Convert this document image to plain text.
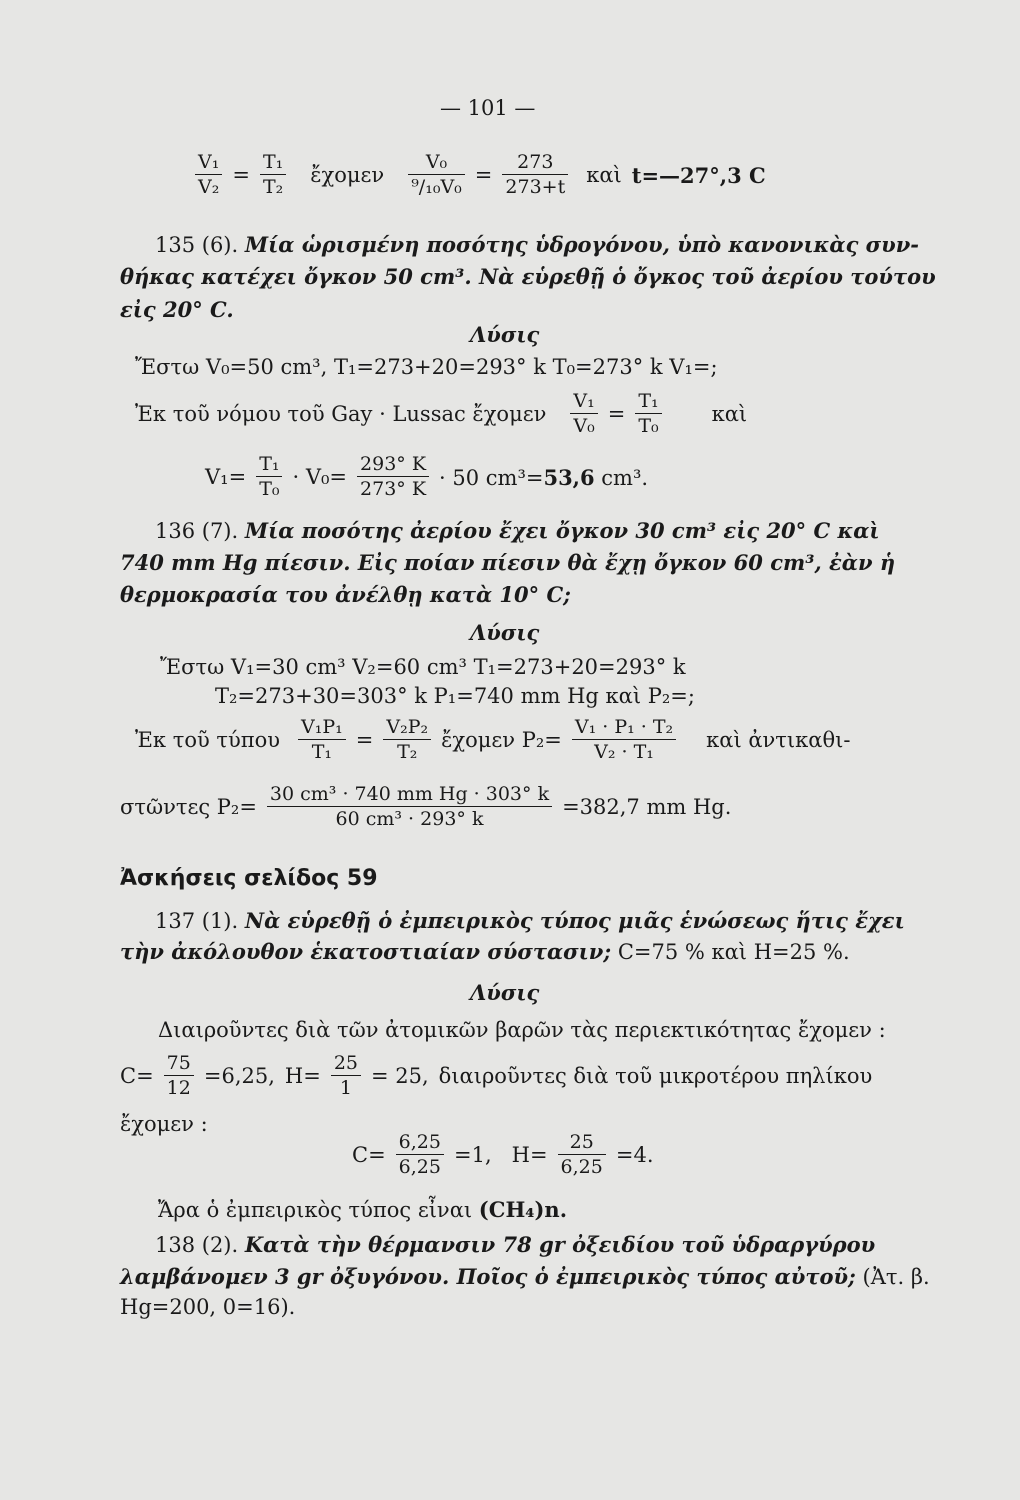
— 101 —
$\frac{\text{V₁}}{\text{V₂}} = \frac{\text{T₁}}{\text{T₂}}$ ἔχομεν $\frac{\text{V₀}}{\text{⁹/₁₀V₀}} = \frac{273}{273+t}$ καὶ t=—27°,3 C
135 (6). Μία ὡρισμένη ποσότης ὑδρογόνου, ὑπὸ κανονικὰς συν-
θήκας κατέχει ὄγκον 50 cm³. Νὰ εὑρεθῇ ὁ ὄγκος τοῦ ἀερίου τούτου
εἰς 20° C.
Λύσις
Ἔστω V₀=50 cm³, T₁=273+20=293° k T₀=273° k V₁=;
Ἐκ τοῦ νόμου τοῦ Gay · Lussac ἔχομεν $\frac{\text{V₁}}{\text{V₀}} = \frac{\text{T₁}}{\text{T₀}}$ καὶ
$V_1= \frac{\text{T₁}}{\text{T₀}} \cdot V_0= \frac{293^\circ K}{273^\circ K} \cdot 50$ cm³=53,6 cm³.
136 (7). Μία ποσότης ἀερίου ἔχει ὄγκον 30 cm³ εἰς 20° C καὶ
740 mm Hg πίεσιν. Εἰς ποίαν πίεσιν θὰ ἔχῃ ὄγκον 60 cm³, ἐὰν ἡ
θερμοκρασία του ἀνέλθῃ κατὰ 10° C;
Λύσις
Ἔστω V₁=30 cm³ V₂=60 cm³ T₁=273+20=293° k
T₂=273+30=303° k P₁=740 mm Hg καὶ P₂=;
Ἐκ τοῦ τύπου $\frac{\text{V₁P₁}}{\text{T₁}} = \frac{\text{V₂P₂}}{\text{T₂}}$ ἔχομεν $P_2= \frac{\text{V₁ · P₁ · T₂}}{\text{V₂ · T₁}}$ καὶ ἀντικαθι-
στῶντες $P_2= \frac{\text{30 cm³ · 740 mm Hg · 303° k}}{\text{60 cm³ · 293° k}} =382,7$ mm Hg.
Ἀσκήσεις σελίδος 59
137 (1). Νὰ εὑρεθῇ ὁ ἐμπειρικὸς τύπος μιᾶς ἑνώσεως ἥτις ἔχει
τὴν ἀκόλουθον ἑκατοστιαίαν σύστασιν; C=75 % καὶ H=25 %.
Λύσις
Διαιροῦντες διὰ τῶν ἀτομικῶν βαρῶν τὰς περιεκτικότητας ἔχομεν :
$C= \frac{75}{12} =6,25$, $H= \frac{25}{1} = 25$, διαιροῦντες διὰ τοῦ μικροτέρου πηλίκου
ἔχομεν :
$C= \frac{6,25}{6,25} =1$, $H= \frac{25}{6,25} =4$.
Ἄρα ὁ ἐμπειρικὸς τύπος εἶναι (CH₄)n.
138 (2). Κατὰ τὴν θέρμανσιν 78 gr ὀξειδίου τοῦ ὑδραργύρου
λαμβάνομεν 3 gr ὀξυγόνου. Ποῖος ὁ ἐμπειρικὸς τύπος αὐτοῦ; (Ἀτ. β.
Hg=200, 0=16).
